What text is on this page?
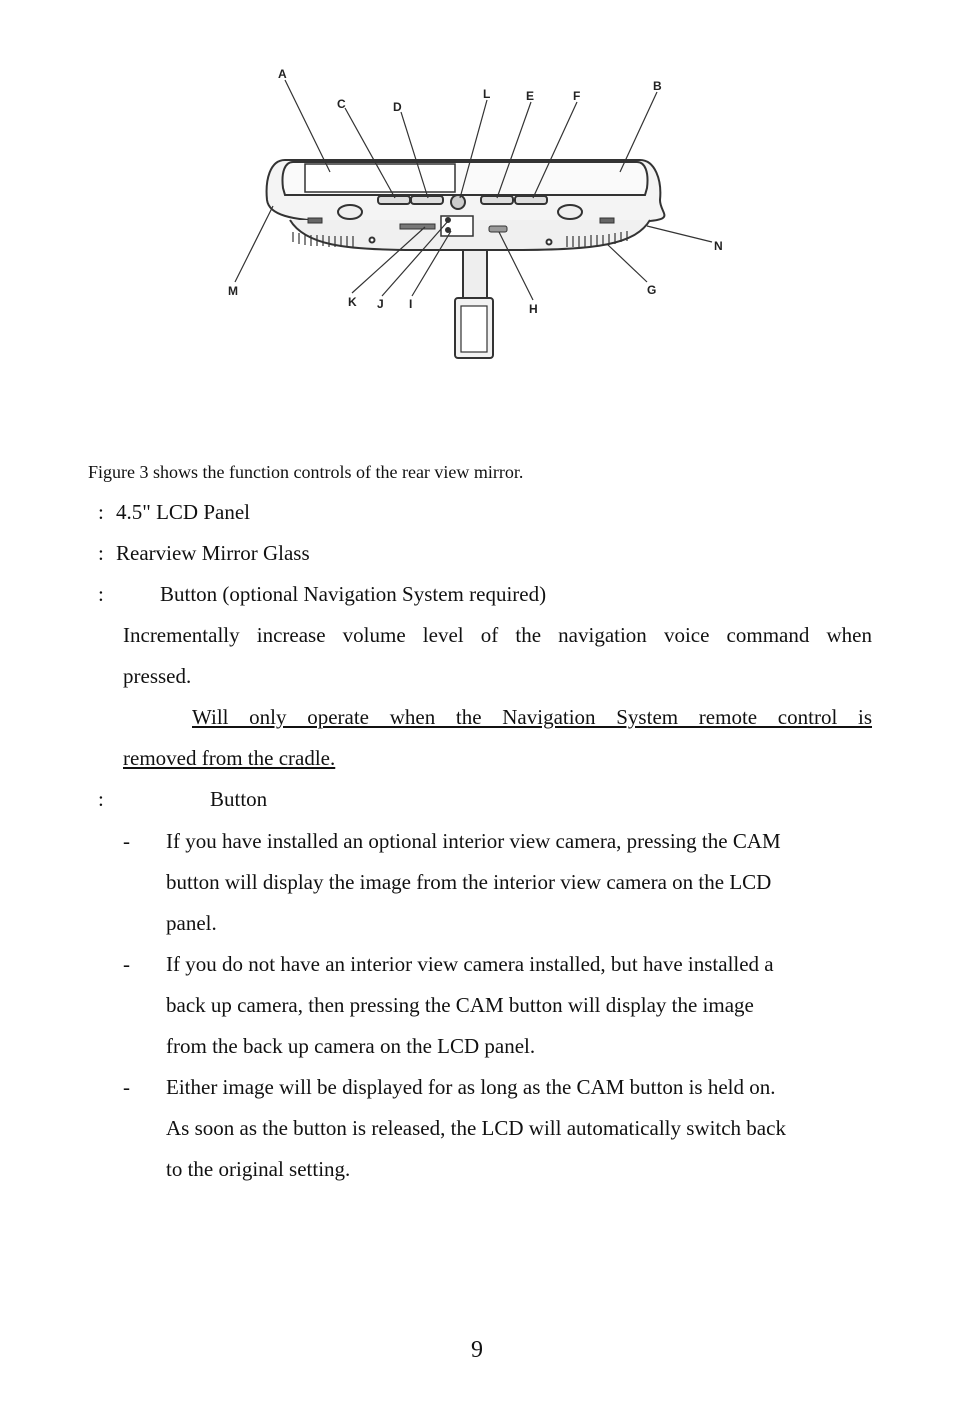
A
B
C	D
L	E	F
N
M	G
K J I	H
Figure 3 shows the function controls of the rear view mirror.
: 4.5" LCD Panel
: Rearview Mirror Glass
:	Button (optional Navigation System required)
Incrementally increase volume level of the navigation voice command when
pressed.
Will only operate when the Navigation System remote control is
removed from the cradle.
:	Button
- If you have installed an optional interior view camera, pressing the CAM
button will display the image from the interior view camera on the LCD
panel.
- If you do not have an interior view camera installed, but have installed a
back up camera, then pressing the CAM button will display the image
from the back up camera on the LCD panel.
- Either image will be displayed for as long as the CAM button is held on.
As soon as the button is released, the LCD will automatically switch back
to the original setting.
9
